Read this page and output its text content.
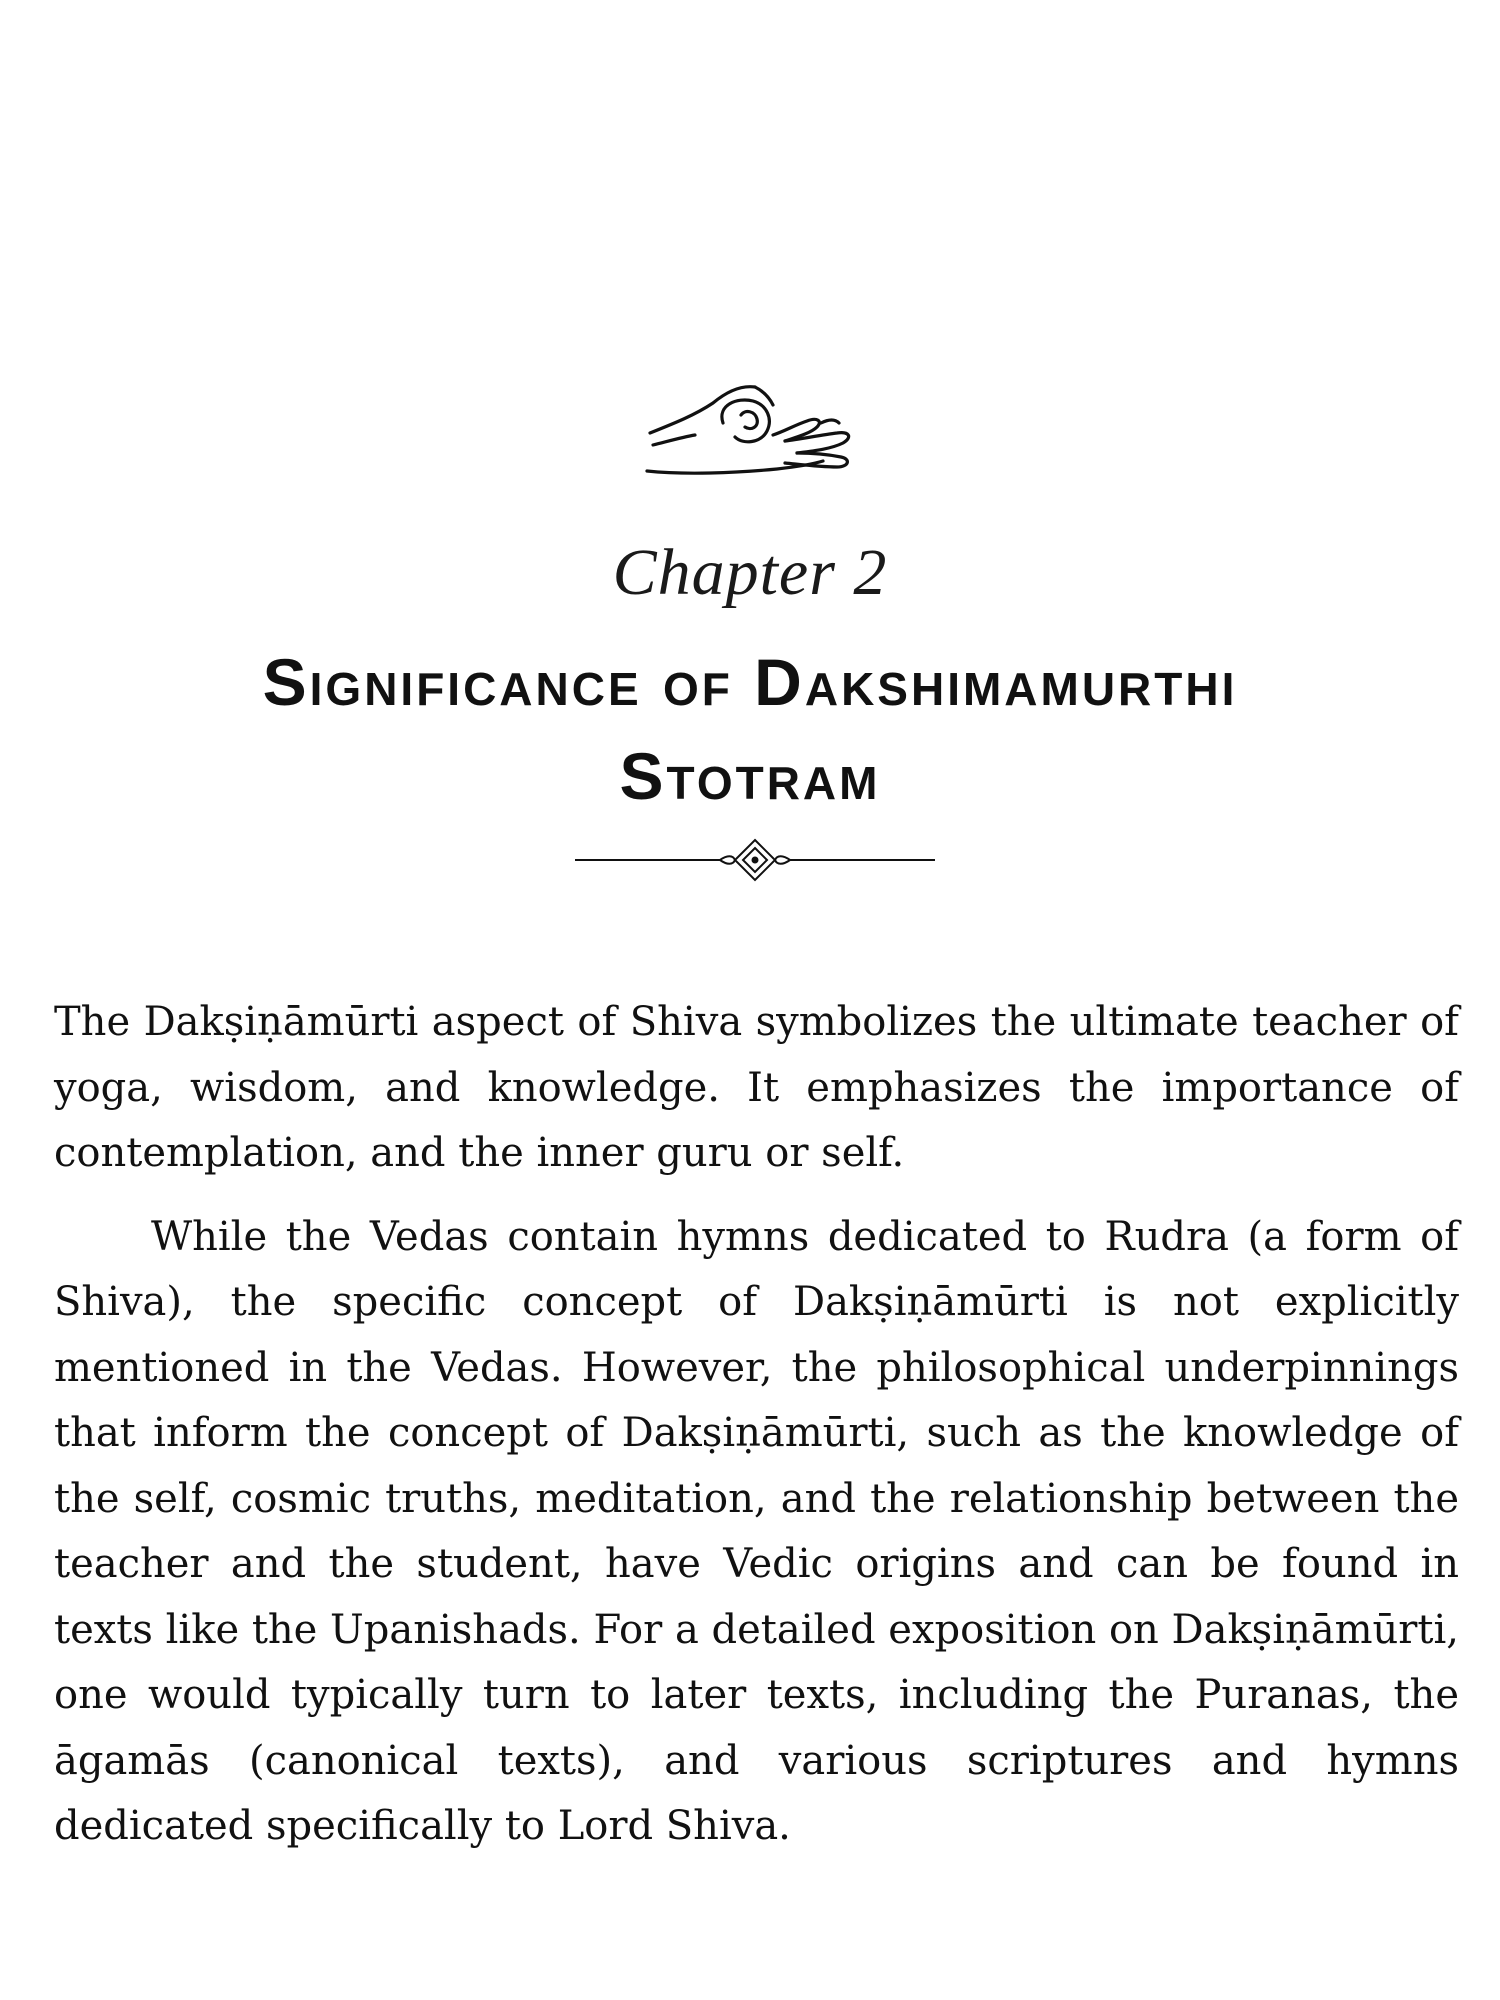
Chapter 2
Significance of Dakshimamurthi
Stotram

The Dakṣiṇāmūrti aspect of Shiva symbolizes the ultimate teacher of yoga, wisdom, and knowledge. It emphasizes the importance of contemplation, and the inner guru or self.

While the Vedas contain hymns dedicated to Rudra (a form of Shiva), the specific concept of Dakṣiṇāmūrti is not explicitly mentioned in the Vedas. However, the philosophical underpinnings that inform the concept of Dakṣiṇāmūrti, such as the knowledge of the self, cosmic truths, meditation, and the relationship between the teacher and the student, have Vedic origins and can be found in texts like the Upanishads. For a detailed exposition on Dakṣiṇāmūrti, one would typically turn to later texts, including the Puranas, the āgamās (canonical texts), and various scriptures and hymns dedicated specifically to Lord Shiva.
